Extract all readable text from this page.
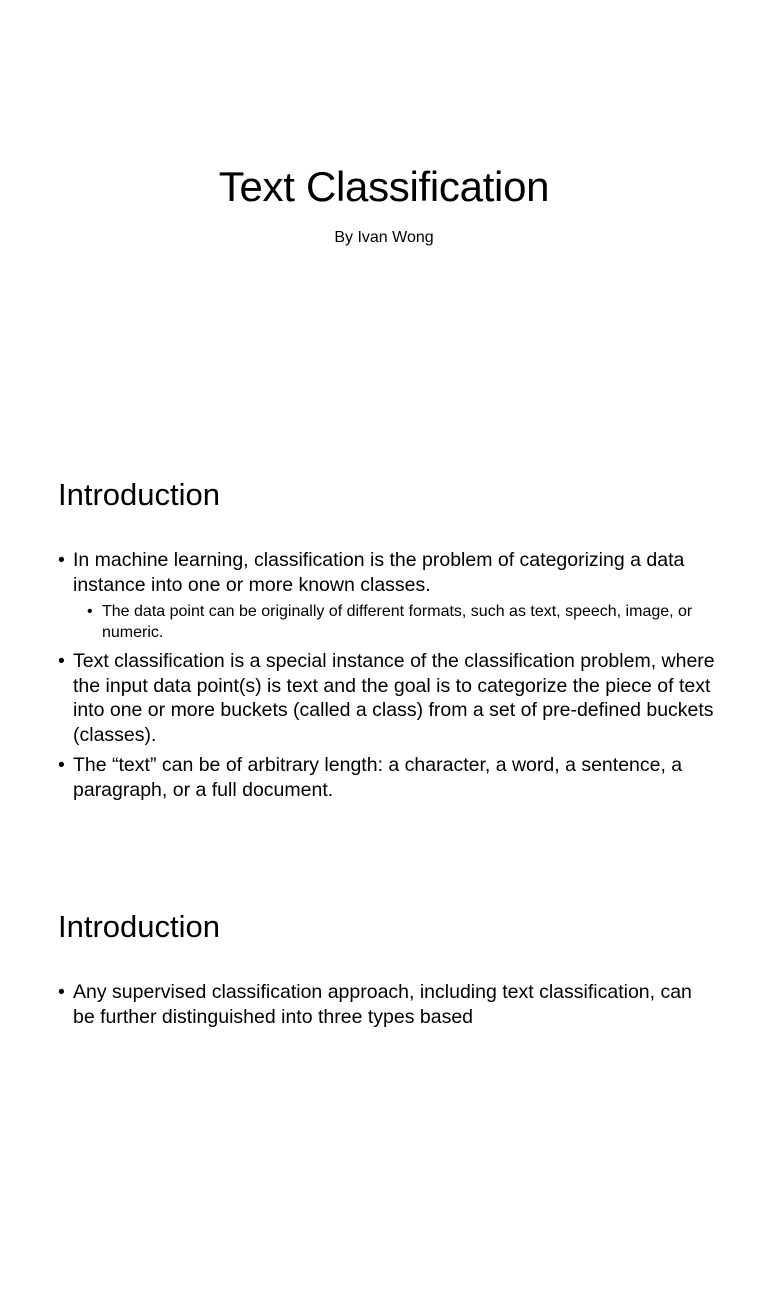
Text Classification

By Ivan Wong

Introduction
• In machine learning, classification is the problem of categorizing a data instance into one or more known classes.
• The data point can be originally of different formats, such as text, speech, image, or numeric.
• Text classification is a special instance of the classification problem, where the input data point(s) is text and the goal is to categorize the piece of text into one or more buckets (called a class) from a set of pre-defined buckets (classes).
• The “text” can be of arbitrary length: a character, a word, a sentence, a paragraph, or a full document.
Introduction
• Any supervised classification approach, including text classification, can be further distinguished into three types based
